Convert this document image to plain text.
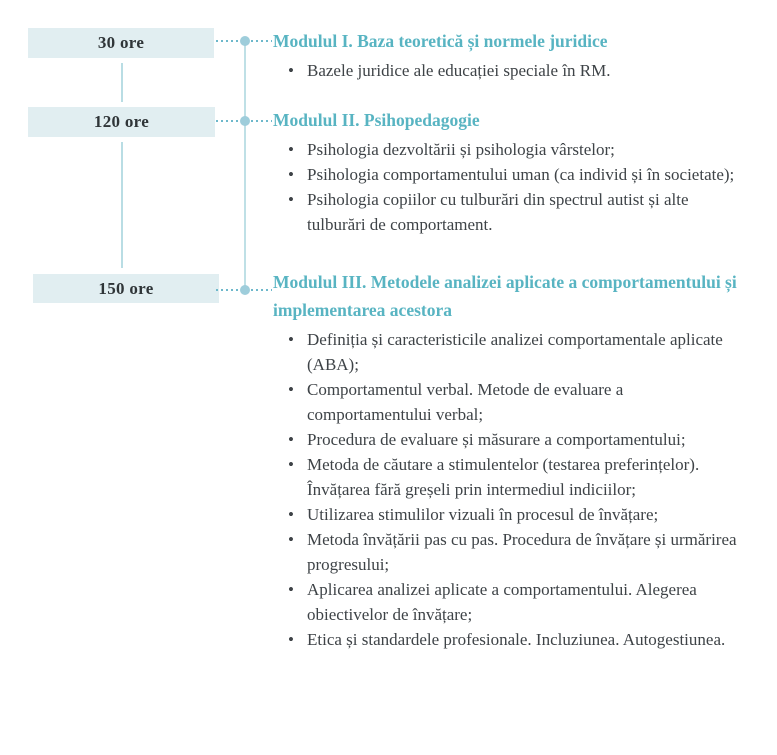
30 ore
120 ore
150 ore
Modulul I. Baza teoretică și normele juridice
• Bazele juridice ale educației speciale în RM.
Modulul II. Psihopedagogie
• Psihologia dezvoltării și psihologia vârstelor;
• Psihologia comportamentului uman (ca individ și în societate);
• Psihologia copiilor cu tulburări din spectrul autist și alte tulburări de comportament.
Modulul III. Metodele analizei aplicate a comportamentului și implementarea acestora
• Definiția și caracteristicile analizei comportamentale aplicate (ABA);
• Comportamentul verbal. Metode de evaluare a comportamentului verbal;
• Procedura de evaluare și măsurare a comportamentului;
• Metoda de căutare a stimulentelor (testarea preferințelor). Învățarea fără greșeli prin intermediul indiciilor;
• Utilizarea stimulilor vizuali în procesul de învățare;
• Metoda învățării pas cu pas. Procedura de învățare și urmărirea progresului;
• Aplicarea analizei aplicate a comportamentului. Alegerea obiectivelor de învățare;
• Etica și standardele profesionale. Incluziunea. Autogestiunea.
